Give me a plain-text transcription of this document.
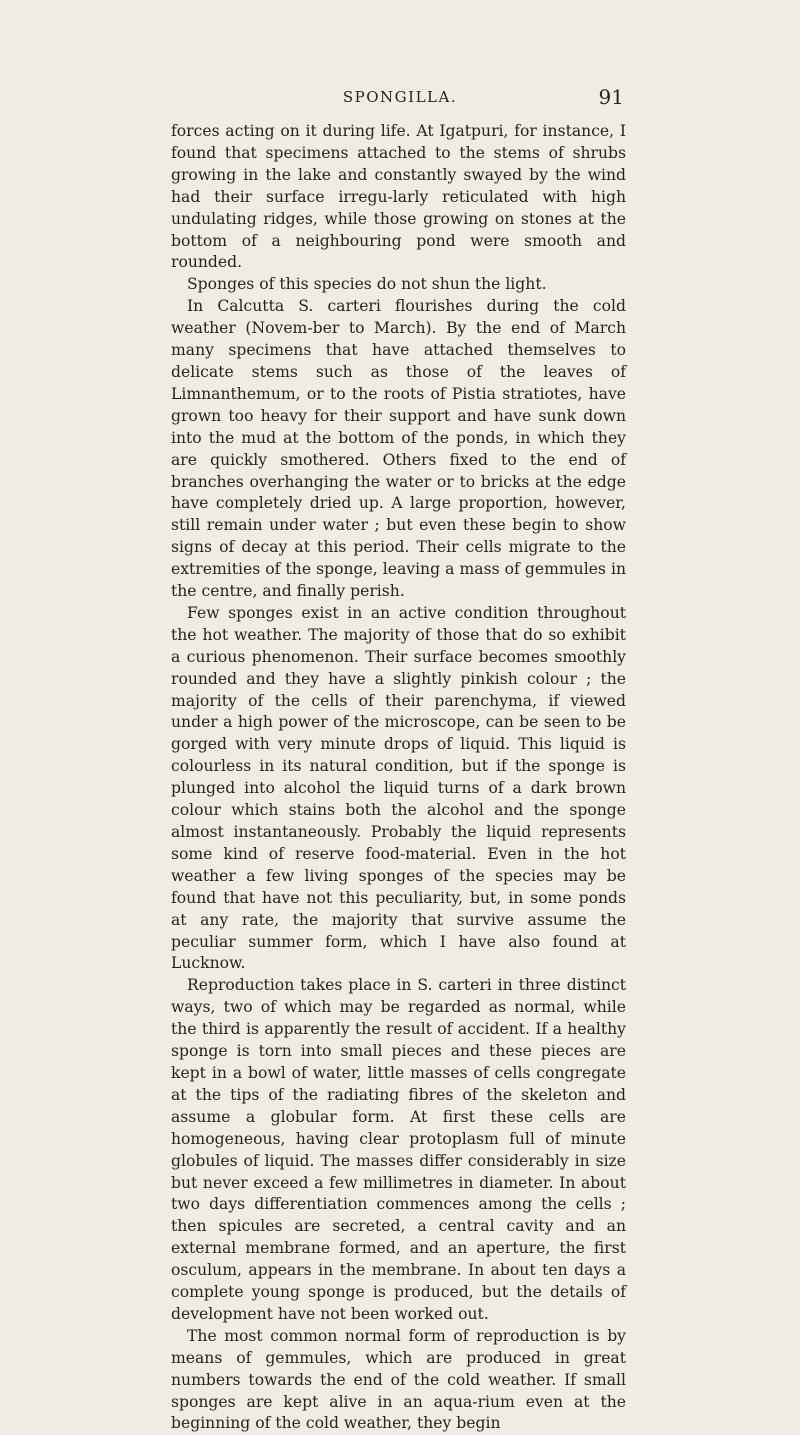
SPONGILLA.	91

forces acting on it during life. At Igatpuri, for instance, I found that specimens attached to the stems of shrubs growing in the lake and constantly swayed by the wind had their surface irregu-larly reticulated with high undulating ridges, while those growing on stones at the bottom of a neighbouring pond were smooth and rounded.

Sponges of this species do not shun the light.

In Calcutta S. carteri flourishes during the cold weather (Novem-ber to March). By the end of March many specimens that have attached themselves to delicate stems such as those of the leaves of Limnanthemum, or to the roots of Pistia stratiotes, have grown too heavy for their support and have sunk down into the mud at the bottom of the ponds, in which they are quickly smothered. Others fixed to the end of branches overhanging the water or to bricks at the edge have completely dried up. A large proportion, however, still remain under water ; but even these begin to show signs of decay at this period. Their cells migrate to the extremities of the sponge, leaving a mass of gemmules in the centre, and finally perish.

Few sponges exist in an active condition throughout the hot weather. The majority of those that do so exhibit a curious phenomenon. Their surface becomes smoothly rounded and they have a slightly pinkish colour ; the majority of the cells of their parenchyma, if viewed under a high power of the microscope, can be seen to be gorged with very minute drops of liquid. This liquid is colourless in its natural condition, but if the sponge is plunged into alcohol the liquid turns of a dark brown colour which stains both the alcohol and the sponge almost instantaneously. Probably the liquid represents some kind of reserve food-material. Even in the hot weather a few living sponges of the species may be found that have not this peculiarity, but, in some ponds at any rate, the majority that survive assume the peculiar summer form, which I have also found at Lucknow.

Reproduction takes place in S. carteri in three distinct ways, two of which may be regarded as normal, while the third is apparently the result of accident. If a healthy sponge is torn into small pieces and these pieces are kept in a bowl of water, little masses of cells congregate at the tips of the radiating fibres of the skeleton and assume a globular form. At first these cells are homogeneous, having clear protoplasm full of minute globules of liquid. The masses differ considerably in size but never exceed a few millimetres in diameter. In about two days differentiation commences among the cells ; then spicules are secreted, a central cavity and an external membrane formed, and an aperture, the first osculum, appears in the membrane. In about ten days a complete young sponge is produced, but the details of development have not been worked out.

The most common normal form of reproduction is by means of gemmules, which are produced in great numbers towards the end of the cold weather. If small sponges are kept alive in an aqua-rium even at the beginning of the cold weather, they begin
